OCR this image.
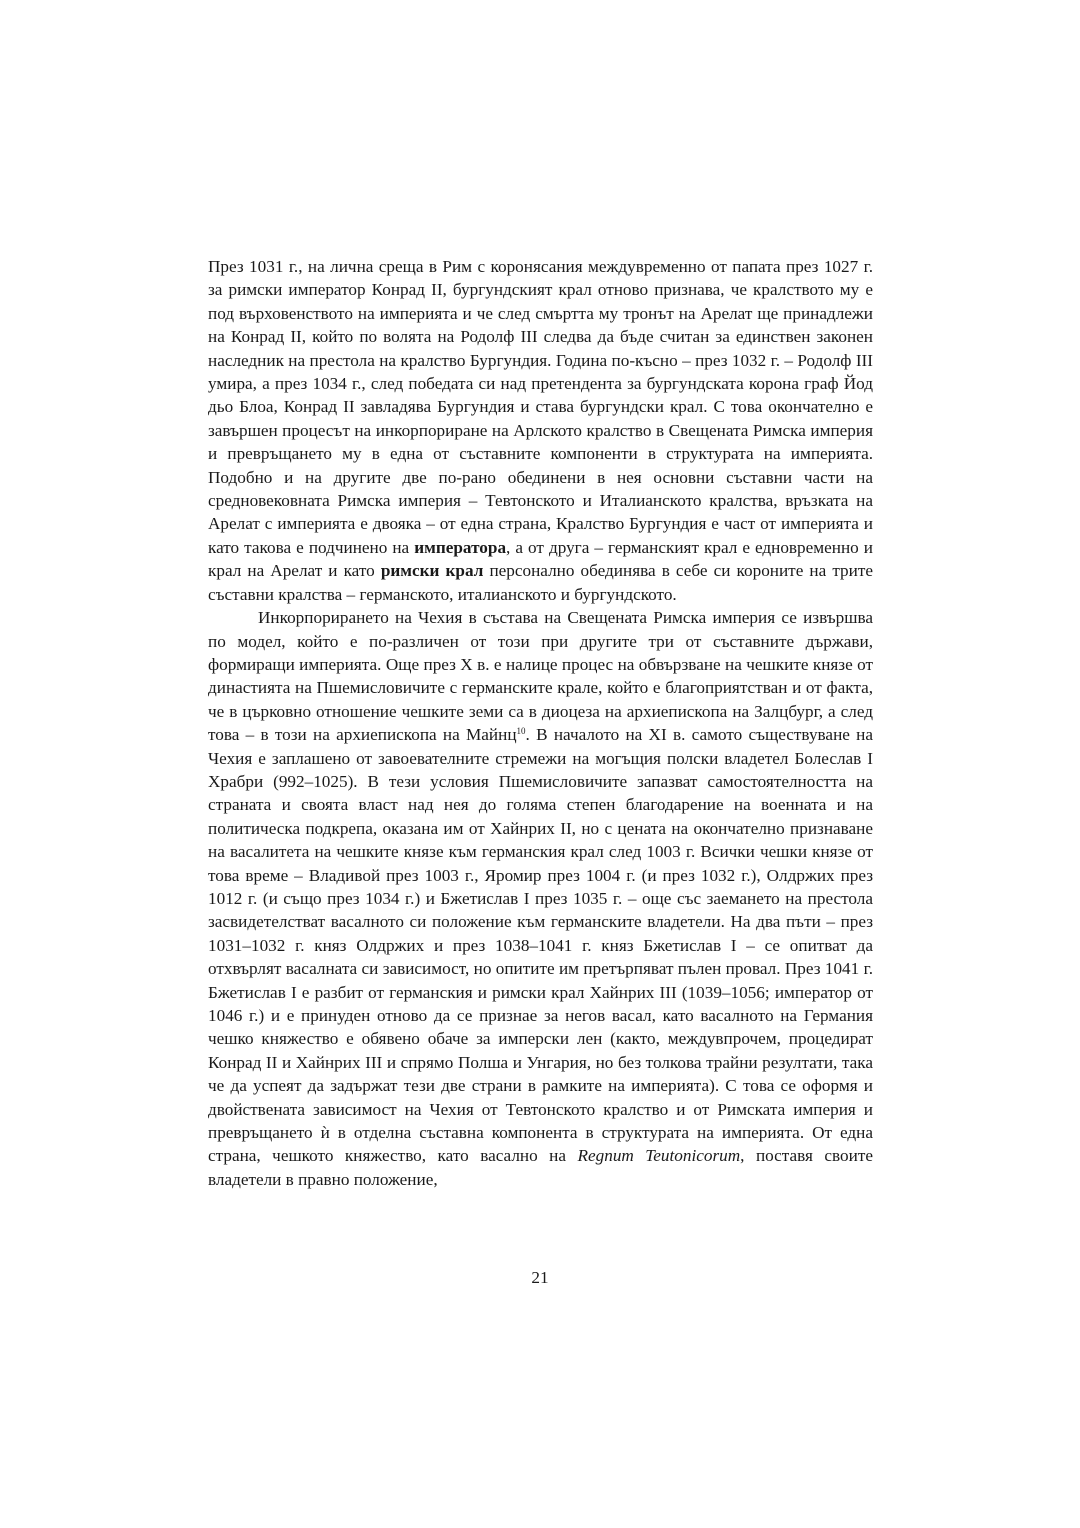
През 1031 г., на лична среща в Рим с коронясания междувременно от папата през 1027 г. за римски император Конрад II, бургундският крал отново признава, че кралството му е под върховенството на империята и че след смъртта му тронът на Арелат ще принадлежи на Конрад II, който по волята на Родолф III следва да бъде считан за единствен законен наследник на престола на кралство Бургундия. Година по-късно – през 1032 г. – Родолф III умира, а през 1034 г., след победата си над претендента за бургундската корона граф Йод дьо Блоа, Конрад II завладява Бургундия и става бургундски крал. С това окончателно е завършен процесът на инкорпориране на Арлското кралство в Свещената Римска империя и превръщането му в една от съставните компоненти в структурата на империята. Подобно и на другите две по-рано обединени в нея основни съставни части на средновековната Римска империя – Тевтонското и Италианското кралства, връзката на Арелат с империята е двояка – от една страна, Кралство Бургундия е част от империята и като такова е подчинено на императора, а от друга – германският крал е едновременно и крал на Арелат и като римски крал персонално обединява в себе си короните на трите съставни кралства – германското, италианското и бургундското.

Инкорпорирането на Чехия в състава на Свещената Римска империя се извършва по модел, който е по-различен от този при другите три от съставните държави, формиращи империята. Още през X в. е налице процес на обвързване на чешките князе от династията на Пшемисловичите с германските крале, който е благоприятстван и от факта, че в църковно отношение чешките земи са в диоцеза на архиепископа на Залцбург, а след това – в този на архиепископа на Майнц$^{10}$. В началото на XI в. самото съществуване на Чехия е заплашено от завоевателните стремежи на могъщия полски владетел Болеслав I Храбри (992–1025). В тези условия Пшемисловичите запазват самостоятелността на страната и своята власт над нея до голяма степен благодарение на военната и на политическа подкрепа, оказана им от Хайнрих II, но с цената на окончателно признаване на васалитета на чешките князе към германския крал след 1003 г. Всички чешки князе от това време – Владивой през 1003 г., Яромир през 1004 г. (и през 1032 г.), Олдржих през 1012 г. (и също през 1034 г.) и Бжетислав I през 1035 г. – още със заемането на престола засвидетелстват васалното си положение към германските владетели. На два пъти – през 1031–1032 г. княз Олдржих и през 1038–1041 г. княз Бжетислав I – се опитват да отхвърлят васалната си зависимост, но опитите им претърпяват пълен провал. През 1041 г. Бжетислав I е разбит от германския и римски крал Хайнрих III (1039–1056; император от 1046 г.) и е принуден отново да се признае за негов васал, като васалното на Германия чешко княжество е обявено обаче за имперски лен (както, междувпрочем, процедират Конрад II и Хайнрих III и спрямо Полша и Унгария, но без толкова трайни резултати, така че да успеят да задържат тези две страни в рамките на империята). С това се оформя и двойствената зависимост на Чехия от Тевтонското кралство и от Римската империя и превръщането ѝ в отделна съставна компонента в структурата на империята. От една страна, чешкото княжество, като васално на Regnum Teutonicorum, поставя своите владетели в правно положение,

21
